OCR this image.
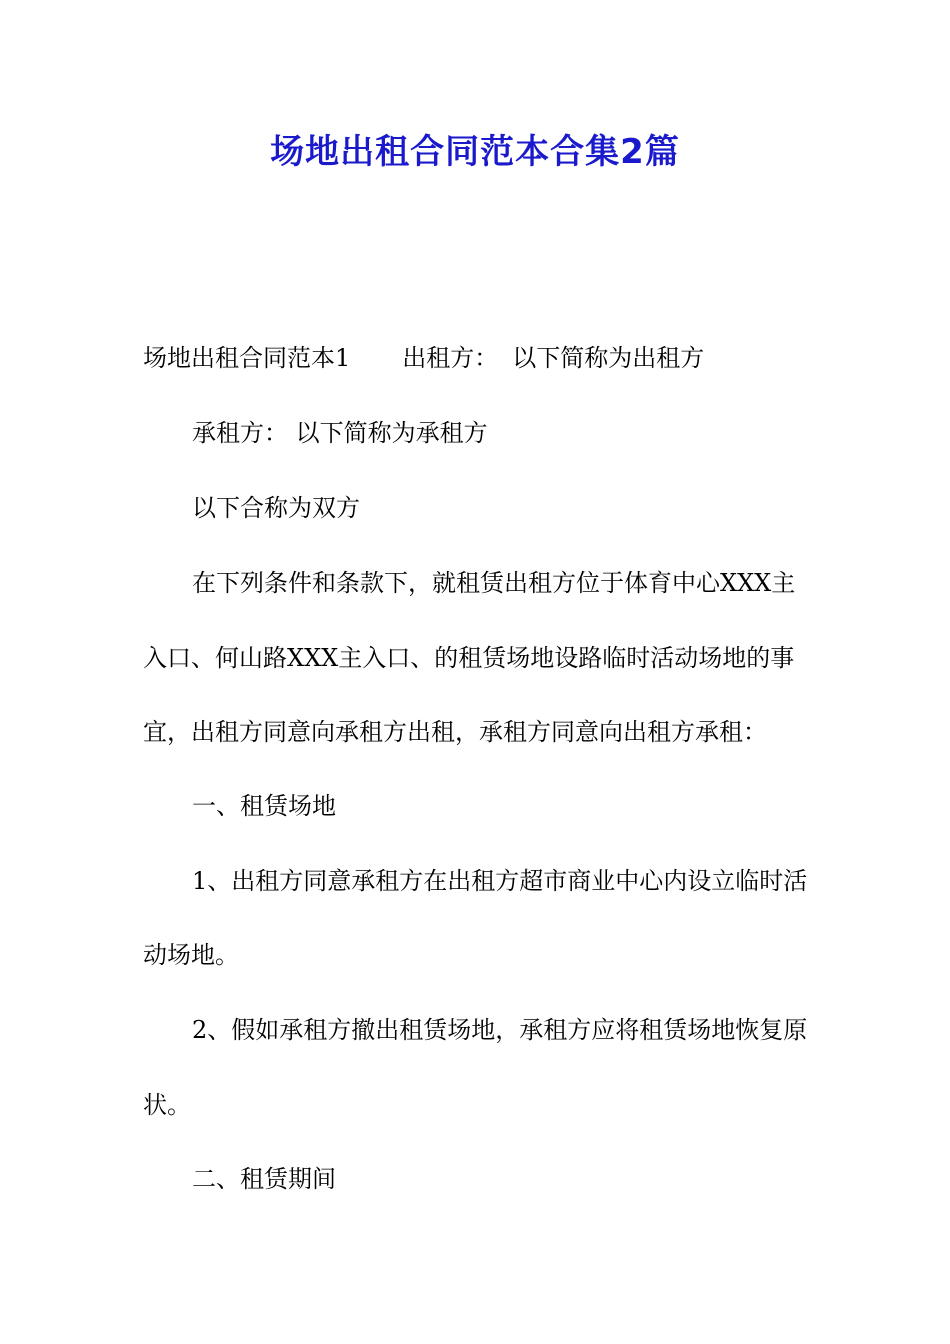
场地出租合同范本合集2篇
场地出租合同范本1 出租方： 以下简称为出租方
承租方： 以下简称为承租方
以下合称为双方
在下列条件和条款下，就租赁出租方位于体育中心XXX主
入口、何山路XXX主入口、的租赁场地设路临时活动场地的事
宜，出租方同意向承租方出租，承租方同意向出租方承租：
一、租赁场地
1、出租方同意承租方在出租方超市商业中心内设立临时活
动场地。
2、假如承租方撤出租赁场地，承租方应将租赁场地恢复原
状。
二、租赁期间
